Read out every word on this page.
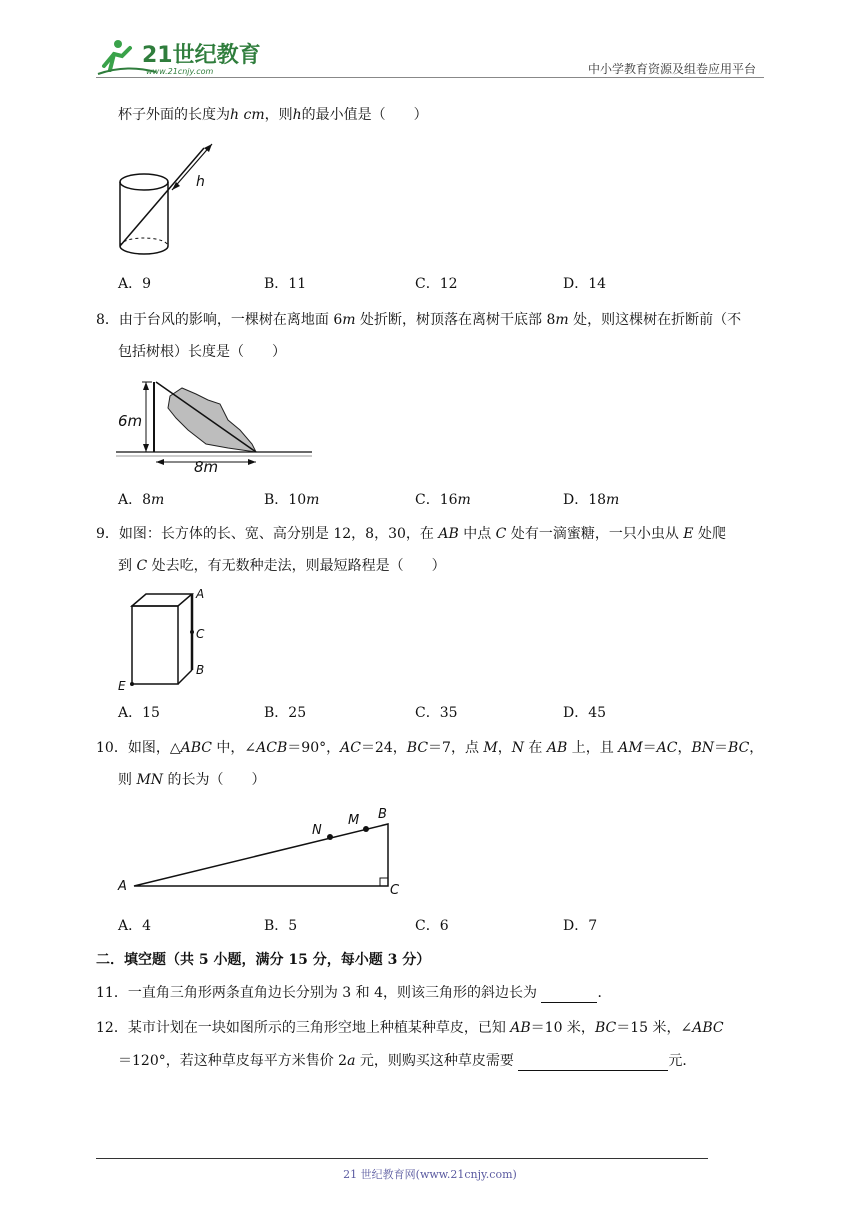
21世纪教育
www.21cnjy.com	中小学教育资源及组卷应用平台
杯子外面的长度为h cm，则h的最小值是（　　）
h
A．9	B．11	C．12	D．14
8．由于台风的影响，一棵树在离地面 6m 处折断，树顶落在离树干底部 8m 处，则这棵树在折断前（不
包括树根）长度是（　　）
6m
8m
A．8m	B．10m	C．16m	D．18m
9．如图：长方体的长、宽、高分别是 12，8，30，在 AB 中点 C 处有一滴蜜糖，一只小虫从 E 处爬
到 C 处去吃，有无数种走法，则最短路程是（　　）
A
C
B
E
A．15	B．25	C．35	D．45
10．如图，△ABC 中，∠ACB＝90°，AC＝24，BC＝7，点 M，N 在 AB 上，且 AM＝AC，BN＝BC，
则 MN 的长为（　　）
A
B
C
M
N
A．4	B．5	C．6	D．7
二．填空题（共 5 小题，满分 15 分，每小题 3 分）
11．一直角三角形两条直角边长分别为 3 和 4，则该三角形的斜边长为	．
12．某市计划在一块如图所示的三角形空地上种植某种草皮，已知 AB＝10 米，BC＝15 米，∠ABC
＝120°，若这种草皮每平方米售价 2a 元，则购买这种草皮需要	元．
21 世纪教育网(www.21cnjy.com)
